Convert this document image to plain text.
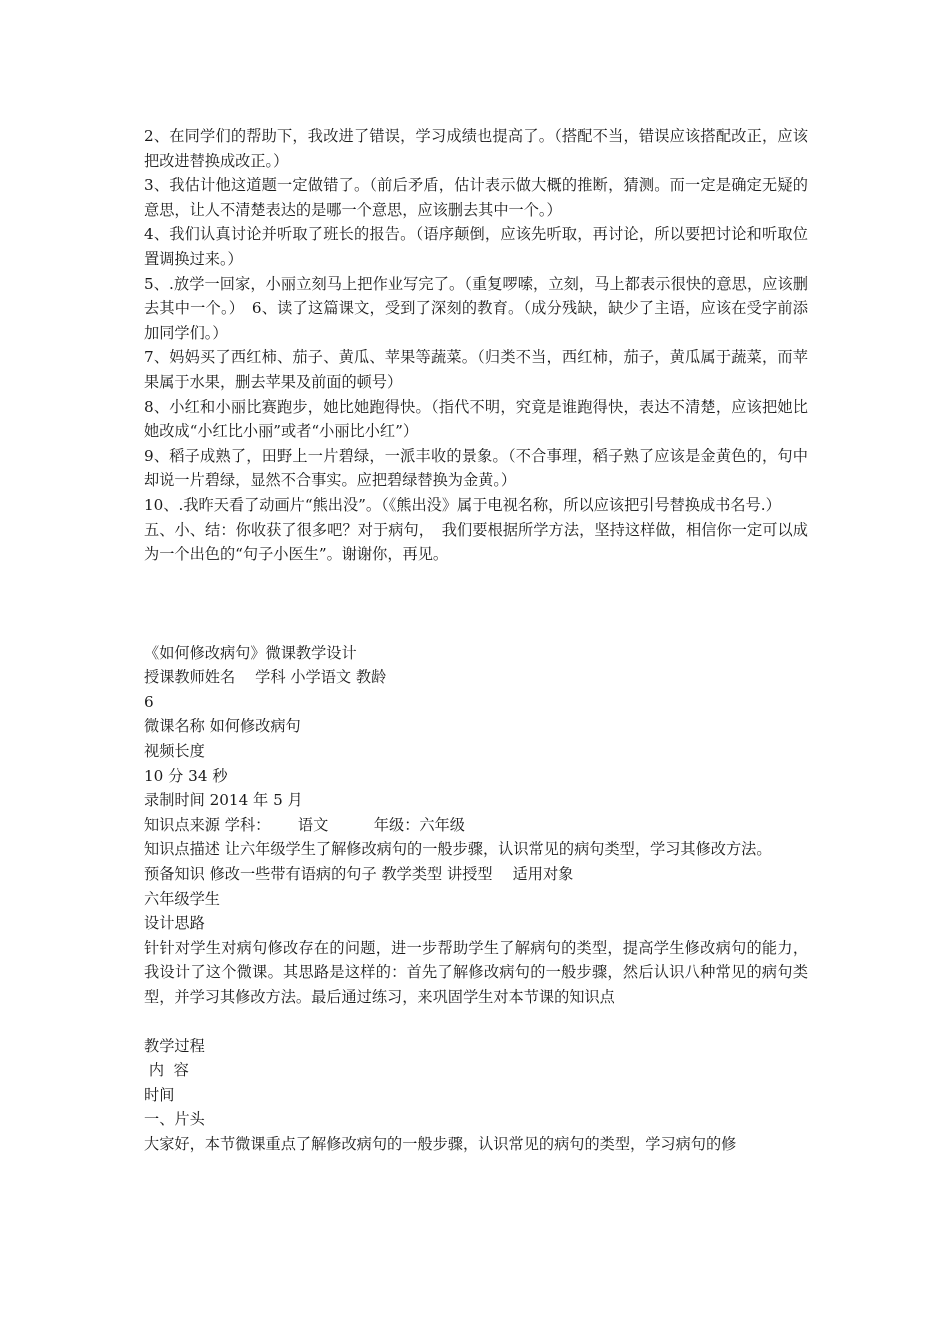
2、在同学们的帮助下，我改进了错误，学习成绩也提高了。（搭配不当，错误应该搭配改正，应该把改进替换成改正。）

3、我估计他这道题一定做错了。（前后矛盾，估计表示做大概的推断，猜测。而一定是确定无疑的意思，让人不清楚表达的是哪一个意思，应该删去其中一个。）

4、我们认真讨论并听取了班长的报告。（语序颠倒，应该先听取，再讨论，所以要把讨论和听取位置调换过来。）

5、.放学一回家，小丽立刻马上把作业写完了。（重复啰嗦，立刻，马上都表示很快的意思，应该删去其中一个。）　6、读了这篇课文，受到了深刻的教育。（成分残缺，缺少了主语，应该在受字前添加同学们。）

7、妈妈买了西红柿、茄子、黄瓜、苹果等蔬菜。（归类不当，西红柿，茄子，黄瓜属于蔬菜，而苹果属于水果，删去苹果及前面的顿号）

8、小红和小丽比赛跑步，她比她跑得快。（指代不明，究竟是谁跑得快，表达不清楚，应该把她比她改成“小红比小丽”或者“小丽比小红”）

9、稻子成熟了，田野上一片碧绿，一派丰收的景象。（不合事理，稻子熟了应该是金黄色的，句中却说一片碧绿，显然不合事实。应把碧绿替换为金黄。）

10、.我昨天看了动画片“熊出没”。（《熊出没》属于电视名称，所以应该把引号替换成书名号.）

五、小、结：你收获了很多吧？对于病句，　我们要根据所学方法，坚持这样做，相信你一定可以成为一个出色的“句子小医生”。谢谢你，再见。

《如何修改病句》微课教学设计

授课教师姓名　 学科 小学语文 教龄

6

微课名称 如何修改病句

视频长度

10 分 34 秒

录制时间 2014 年 5 月

知识点来源 学科：　　 语文　　　年级：六年级

知识点描述 让六年级学生了解修改病句的一般步骤，认识常见的病句类型，学习其修改方法。

预备知识 修改一些带有语病的句子 教学类型 讲授型　 适用对象

六年级学生

设计思路

针针对学生对病句修改存在的问题，进一步帮助学生了解病句的类型，提高学生修改病句的能力，我设计了这个微课。其思路是这样的：首先了解修改病句的一般步骤，然后认识八种常见的病句类型，并学习其修改方法。最后通过练习，来巩固学生对本节课的知识点

教学过程

内  容

时间

一、片头

大家好，本节微课重点了解修改病句的一般步骤，认识常见的病句的类型，学习病句的修
